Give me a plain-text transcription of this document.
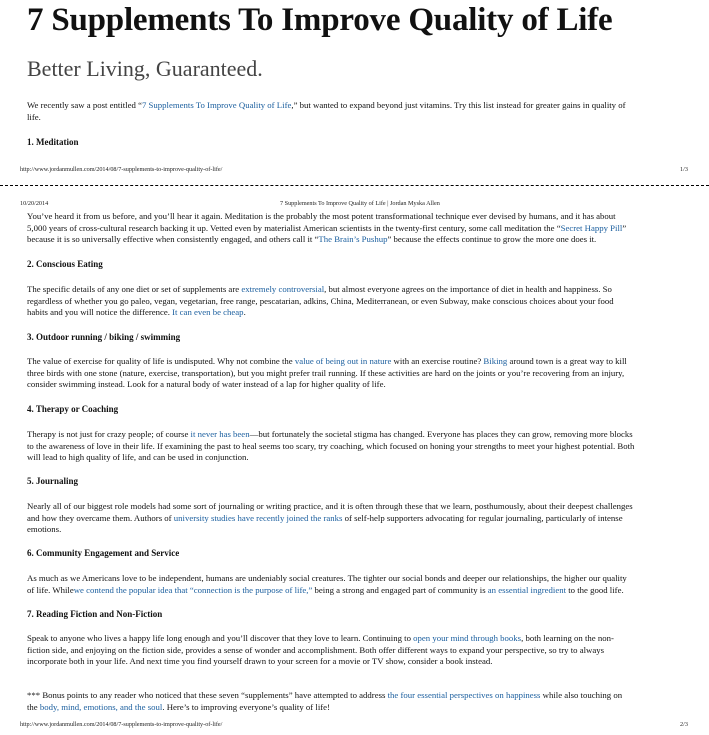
7 Supplements To Improve Quality of Life
Better Living, Guaranteed.
We recently saw a post entitled “7 Supplements To Improve Quality of Life,” but wanted to expand beyond just vitamins. Try this list instead for greater gains in quality of
life.
1. Meditation
http://www.jordanmullen.com/2014/08/7-supplements-to-improve-quality-of-life/	1/3
10/20/2014	7 Supplements To Improve Quality of Life | Jordan Myska Allen
You’ve heard it from us before, and you’ll hear it again. Meditation is the probably the most potent transformational technique ever devised by humans, and it has about
5,000 years of cross-cultural research backing it up. Vetted even by materialist American scientists in the twenty-first century, some call meditation the “Secret Happy Pill”
because it is so universally effective when consistently engaged, and others call it “The Brain’s Pushup” because the effects continue to grow the more one does it.
2. Conscious Eating
The specific details of any one diet or set of supplements are extremely controversial, but almost everyone agrees on the importance of diet in health and happiness. So
regardless of whether you go paleo, vegan, vegetarian, free range, pescatarian, adkins, China, Mediterranean, or even Subway, make conscious choices about your food
habits and you will notice the difference. It can even be cheap.
3. Outdoor running / biking / swimming
The value of exercise for quality of life is undisputed. Why not combine the value of being out in nature with an exercise routine? Biking around town is a great way to kill
three birds with one stone (nature, exercise, transportation), but you might prefer trail running. If these activities are hard on the joints or you’re recovering from an injury,
consider swimming instead. Look for a natural body of water instead of a lap for higher quality of life.
4. Therapy or Coaching
Therapy is not just for crazy people; of course it never has been—but fortunately the societal stigma has changed. Everyone has places they can grow, removing more blocks
to the awareness of love in their life. If examining the past to heal seems too scary, try coaching, which focused on honing your strengths to meet your highest potential. Both
will lead to high quality of life, and can be used in conjunction.
5. Journaling
Nearly all of our biggest role models had some sort of journaling or writing practice, and it is often through these that we learn, posthumously, about their deepest challenges
and how they overcame them. Authors of university studies have recently joined the ranks of self-help supporters advocating for regular journaling, particularly of intense
emotions.
6. Community Engagement and Service
As much as we Americans love to be independent, humans are undeniably social creatures. The tighter our social bonds and deeper our relationships, the higher our quality
of life. Whilewe contend the popular idea that “connection is the purpose of life,” being a strong and engaged part of community is an essential ingredient to the good life.
7. Reading Fiction and Non-Fiction
Speak to anyone who lives a happy life long enough and you’ll discover that they love to learn. Continuing to open your mind through books, both learning on the non-
fiction side, and enjoying on the fiction side, provides a sense of wonder and accomplishment. Both offer different ways to expand your perspective, so try to always
incorporate both in your life. And next time you find yourself drawn to your screen for a movie or TV show, consider a book instead.
*** Bonus points to any reader who noticed that these seven “supplements” have attempted to address the four essential perspectives on happiness while also touching on
the body, mind, emotions, and the soul. Here’s to improving everyone’s quality of life!
http://www.jordanmullen.com/2014/08/7-supplements-to-improve-quality-of-life/	2/3
